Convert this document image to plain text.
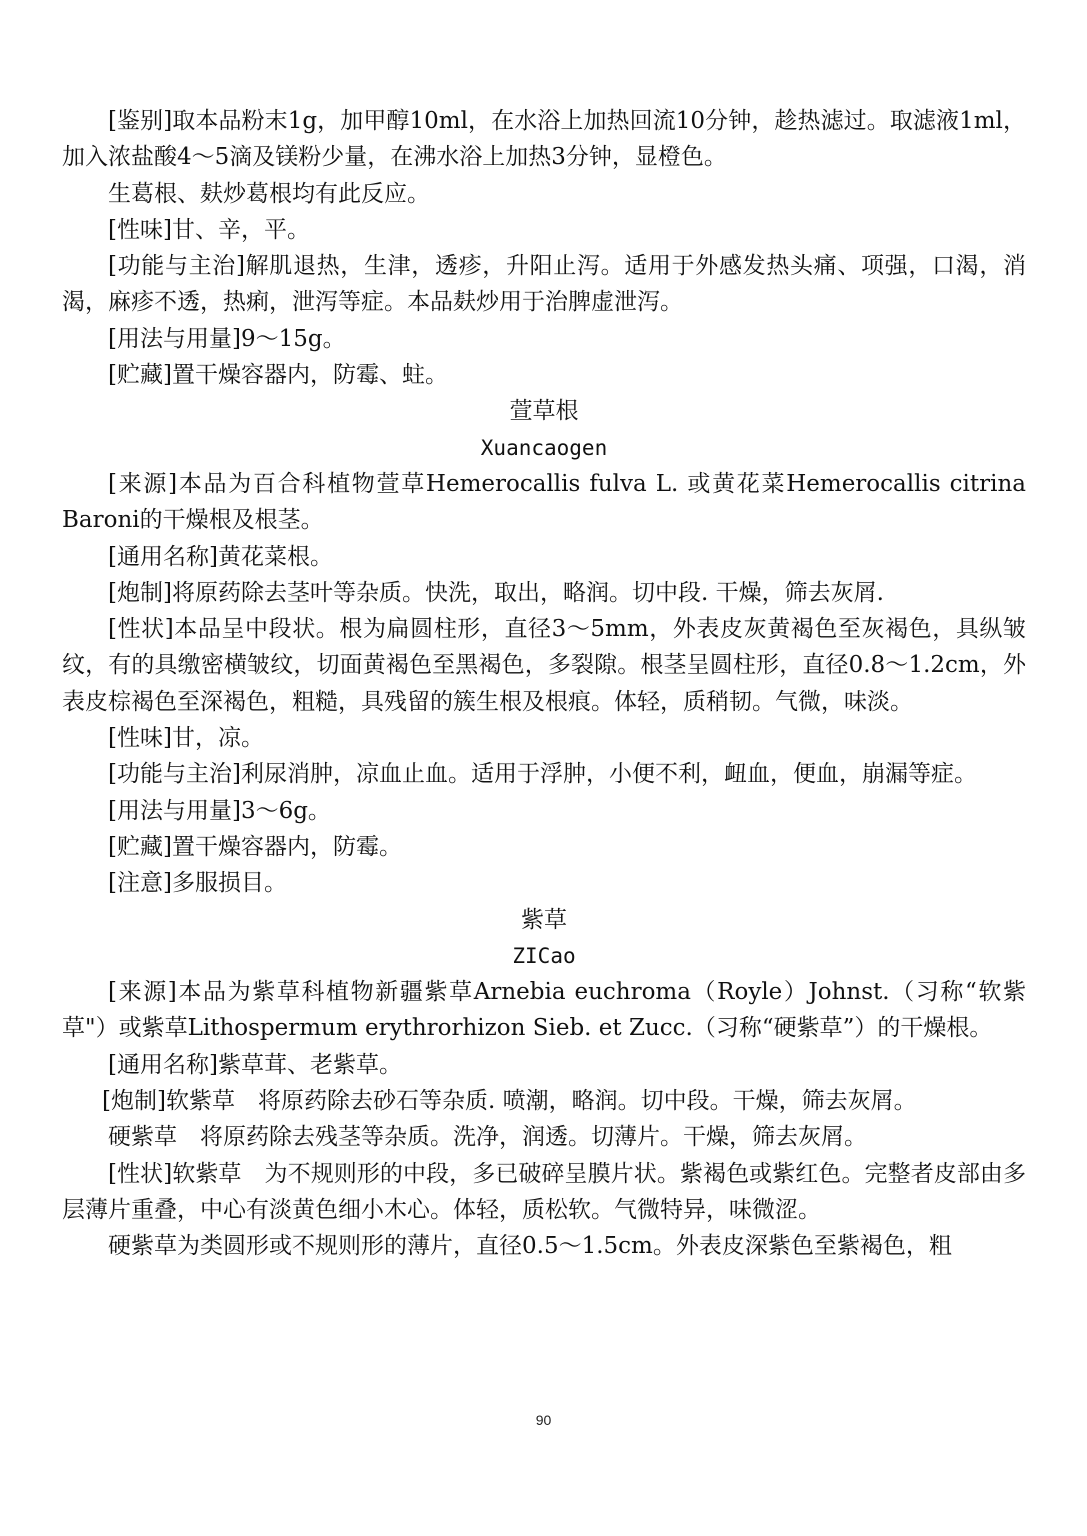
[鉴别]取本品粉末1g，加甲醇10ml，在水浴上加热回流10分钟，趁热滤过。取滤液1ml，加入浓盐酸4～5滴及镁粉少量，在沸水浴上加热3分钟，显橙色。

生葛根、麸炒葛根均有此反应。

[性味]甘、辛，平。

[功能与主治]解肌退热，生津，透疹，升阳止泻。适用于外感发热头痛、项强，口渴，消渴，麻疹不透，热痢，泄泻等症。本品麸炒用于治脾虚泄泻。

[用法与用量]9～15g。

[贮藏]置干燥容器内，防霉、蛀。

萱草根

Xuancaogen

[来源]本品为百合科植物萱草Hemerocallis fulva L. 或黄花菜Hemerocallis citrina Baroni的干燥根及根茎。

[通用名称]黄花菜根。

[炮制]将原药除去茎叶等杂质。快洗，取出，略润。切中段. 干燥，筛去灰屑.

[性状]本品呈中段状。根为扁圆柱形，直径3～5mm，外表皮灰黄褐色至灰褐色，具纵皱纹，有的具缴密横皱纹，切面黄褐色至黑褐色，多裂隙。根茎呈圆柱形，直径0.8～1.2cm，外表皮棕褐色至深褐色，粗糙，具残留的簇生根及根痕。体轻，质稍韧。气微，味淡。

[性味]甘，凉。

[功能与主治]利尿消肿，凉血止血。适用于浮肿，小便不利，衄血，便血，崩漏等症。

[用法与用量]3～6g。

[贮藏]置干燥容器内，防霉。

[注意]多服损目。

紫草

ZICao

[来源]本品为紫草科植物新疆紫草Arnebia euchroma（Royle）Johnst.（习称“软紫草"）或紫草Lithospermum erythrorhizon Sieb. et Zucc.（习称“硬紫草”）的干燥根。

[通用名称]紫草茸、老紫草。

[炮制]软紫草　将原药除去砂石等杂质. 喷潮，略润。切中段。干燥，筛去灰屑。

硬紫草　将原药除去残茎等杂质。洗净，润透。切薄片。干燥，筛去灰屑。

[性状]软紫草　为不规则形的中段，多已破碎呈膜片状。紫褐色或紫红色。完整者皮部由多层薄片重叠，中心有淡黄色细小木心。体轻，质松软。气微特异，味微涩。

硬紫草为类圆形或不规则形的薄片，直径0.5～1.5cm。外表皮深紫色至紫褐色，粗

90
